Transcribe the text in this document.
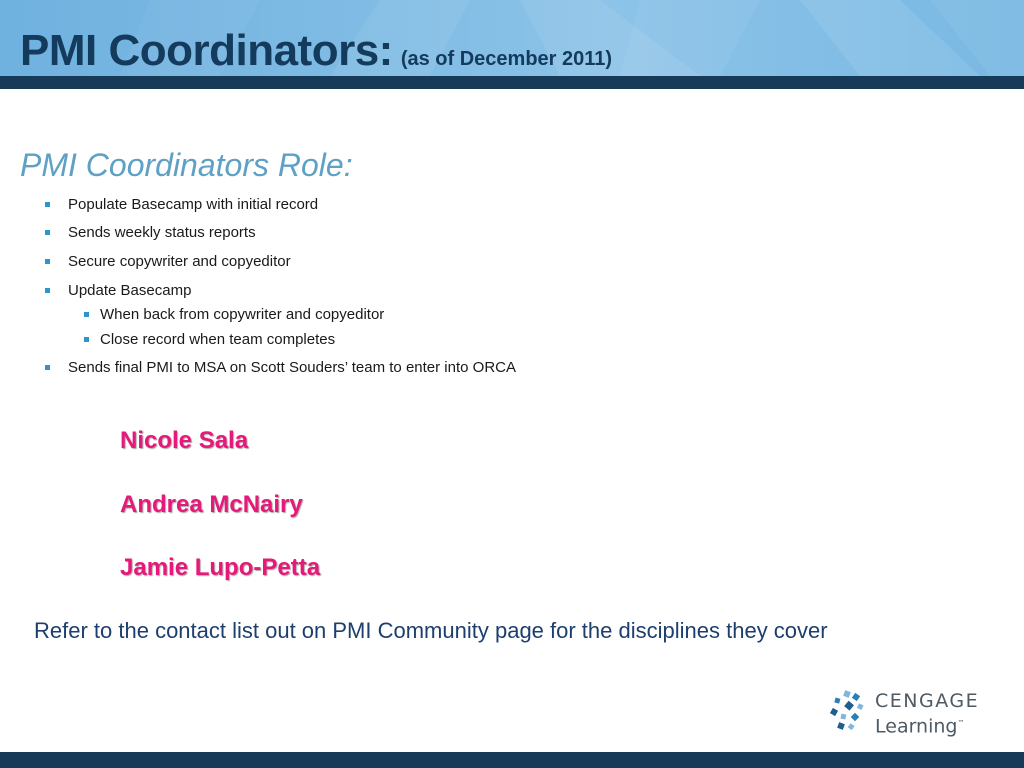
PMI Coordinators: (as of December 2011)
PMI Coordinators Role:
Populate Basecamp with initial record
Sends weekly status reports
Secure copywriter and copyeditor
Update Basecamp
When back from copywriter and copyeditor
Close record when team completes
Sends final PMI to MSA on Scott Souders’ team to enter into ORCA
Nicole Sala
Andrea McNairy
Jamie Lupo-Petta
Refer to the contact list out on PMI Community page for the disciplines they cover
CENGAGE
Learning™
